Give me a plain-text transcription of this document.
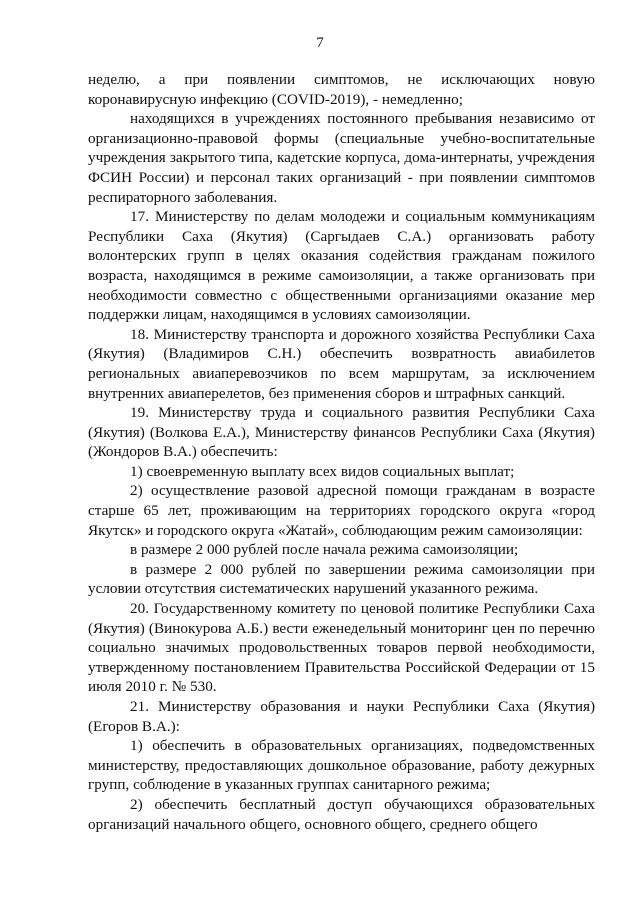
7

неделю, а при появлении симптомов, не исключающих новую коронавирусную инфекцию (COVID-2019), - немедленно;

находящихся в учреждениях постоянного пребывания независимо от организационно-правовой формы (специальные учебно-воспитательные учреждения закрытого типа, кадетские корпуса, дома-интернаты, учреждения ФСИН России) и персонал таких организаций - при появлении симптомов респираторного заболевания.

17. Министерству по делам молодежи и социальным коммуникациям Республики Саха (Якутия) (Саргыдаев С.А.) организовать работу волонтерских групп в целях оказания содействия гражданам пожилого возраста, находящимся в режиме самоизоляции, а также организовать при необходимости совместно с общественными организациями оказание мер поддержки лицам, находящимся в условиях самоизоляции.

18. Министерству транспорта и дорожного хозяйства Республики Саха (Якутия) (Владимиров С.Н.) обеспечить возвратность авиабилетов региональных авиаперевозчиков по всем маршрутам, за исключением внутренних авиаперелетов, без применения сборов и штрафных санкций.

19. Министерству труда и социального развития Республики Саха (Якутия) (Волкова Е.А.), Министерству финансов Республики Саха (Якутия) (Жондоров В.А.) обеспечить:

1) своевременную выплату всех видов социальных выплат;

2) осуществление разовой адресной помощи гражданам в возрасте старше 65 лет, проживающим на территориях городского округа «город Якутск» и городского округа «Жатай», соблюдающим режим самоизоляции:

в размере 2 000 рублей после начала режима самоизоляции;

в размере 2 000 рублей по завершении режима самоизоляции при условии отсутствия систематических нарушений указанного режима.

20. Государственному комитету по ценовой политике Республики Саха (Якутия) (Винокурова А.Б.) вести еженедельный мониторинг цен по перечню социально значимых продовольственных товаров первой необходимости, утвержденному постановлением Правительства Российской Федерации от 15 июля 2010 г. № 530.

21. Министерству образования и науки Республики Саха (Якутия) (Егоров В.А.):

1) обеспечить в образовательных организациях, подведомственных министерству, предоставляющих дошкольное образование, работу дежурных групп, соблюдение в указанных группах санитарного режима;

2) обеспечить бесплатный доступ обучающихся образовательных организаций начального общего, основного общего, среднего общего
